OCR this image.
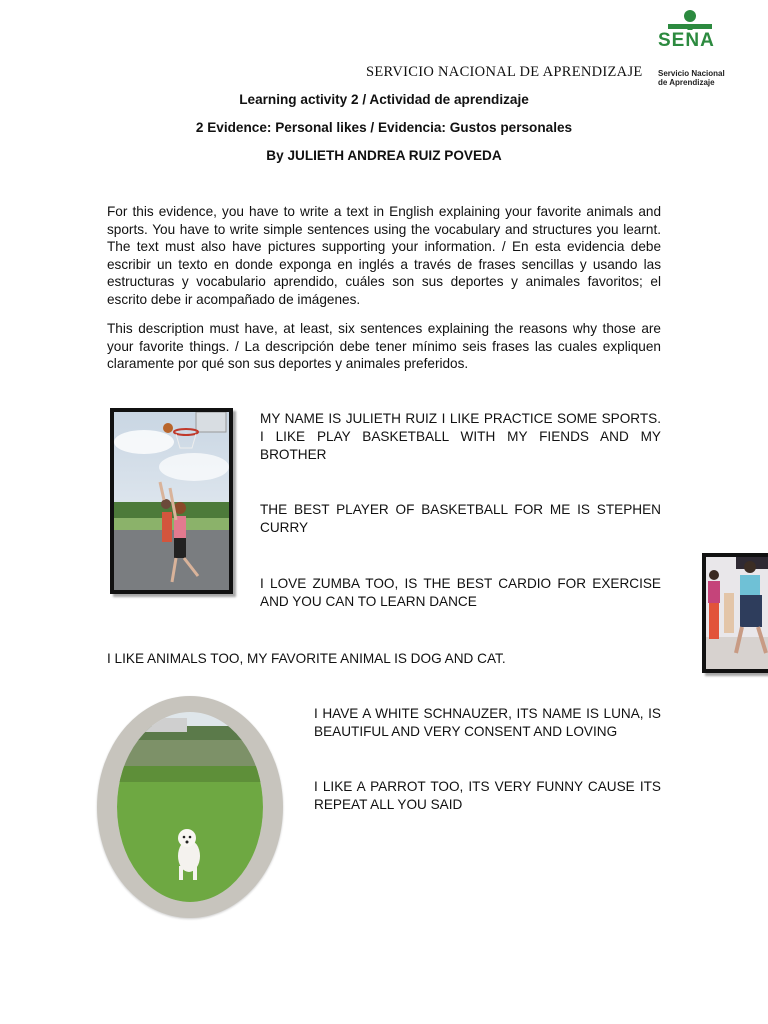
SENA
Servicio Nacional
de Aprendizaje
SERVICIO NACIONAL DE APRENDIZAJE
Learning activity 2 / Actividad de aprendizaje
2 Evidence: Personal likes / Evidencia: Gustos personales
By JULIETH ANDREA RUIZ POVEDA

For this evidence, you have to write a text in English explaining your favorite animals and sports. You have to write simple sentences using the vocabulary and structures you learnt. The text must also have pictures supporting your information. / En esta evidencia debe escribir un texto en donde exponga en inglés a través de frases sencillas y usando las estructuras y vocabulario aprendido, cuáles son sus deportes y animales favoritos; el escrito debe ir acompañado de imágenes.

This description must have, at least, six sentences explaining the reasons why those are your favorite things. / La descripción debe tener mínimo seis frases las cuales expliquen claramente por qué son sus deportes y animales preferidos.

MY NAME IS JULIETH RUIZ I LIKE PRACTICE SOME SPORTS. I LIKE PLAY BASKETBALL WITH MY FIENDS AND MY BROTHER

THE BEST PLAYER OF BASKETBALL FOR ME IS STEPHEN CURRY

I LOVE ZUMBA TOO, IS THE BEST CARDIO FOR EXERCISE AND YOU CAN TO LEARN DANCE

I LIKE ANIMALS TOO, MY FAVORITE ANIMAL IS DOG AND CAT.

I HAVE A WHITE SCHNAUZER, ITS NAME IS LUNA, IS BEAUTIFUL AND VERY CONSENT AND LOVING

I LIKE A PARROT TOO, ITS VERY FUNNY CAUSE ITS REPEAT ALL YOU SAID
